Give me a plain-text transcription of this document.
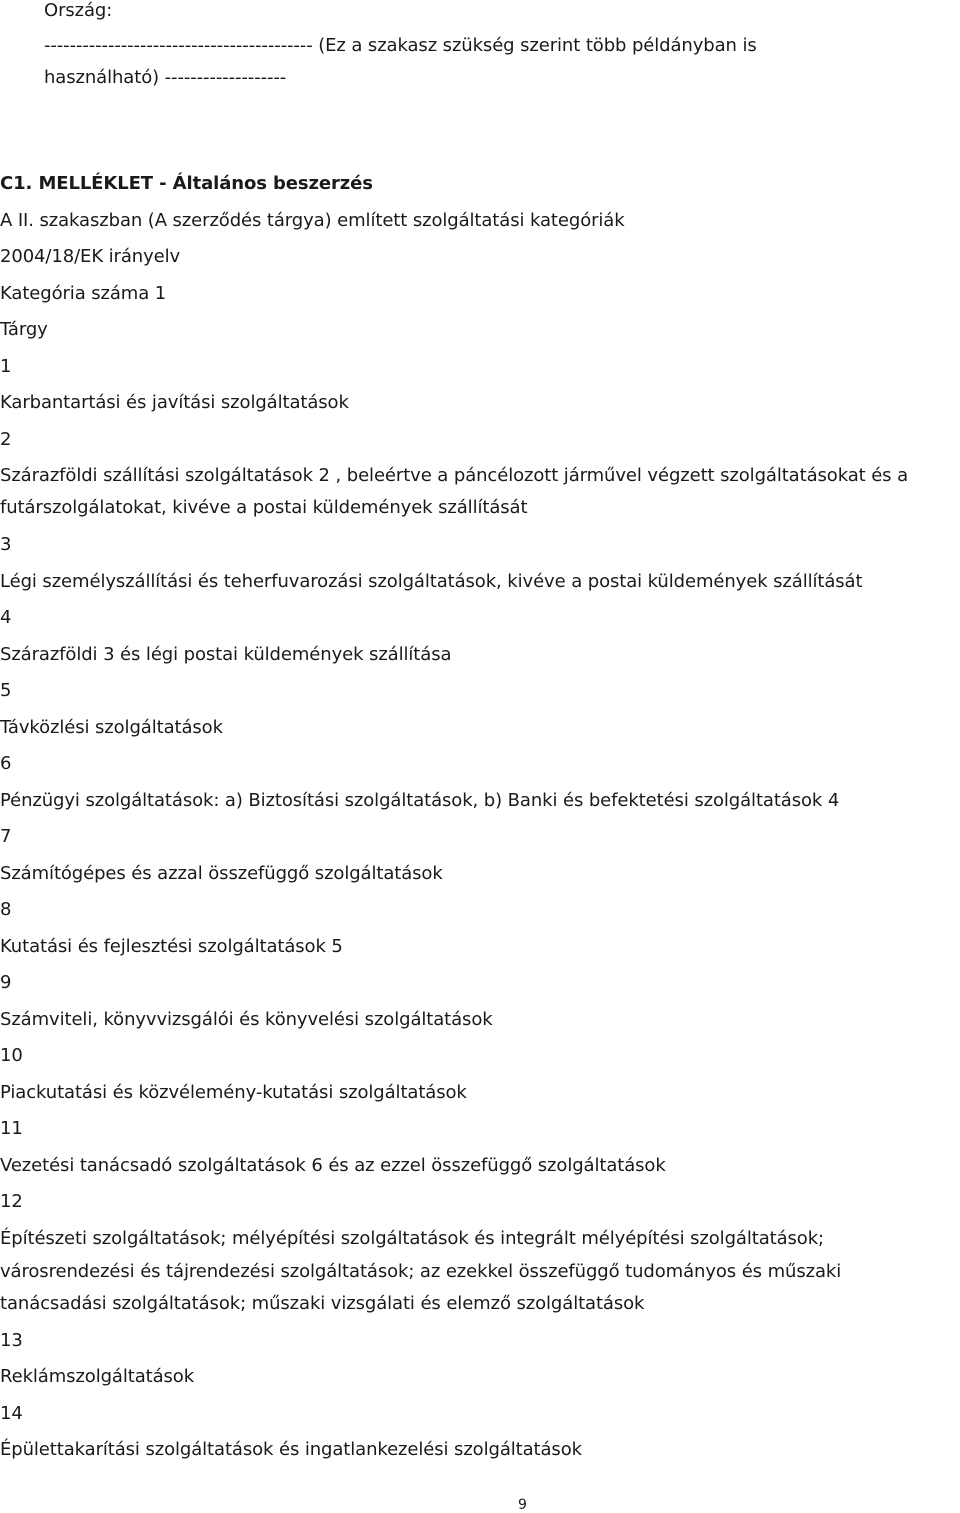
Ország:
------------------------------------------ (Ez a szakasz szükség szerint több példányban is
használható) -------------------
C1. MELLÉKLET - Általános beszerzés
A II. szakaszban (A szerződés tárgya) említett szolgáltatási kategóriák
2004/18/EK irányelv
Kategória száma 1
Tárgy
1
Karbantartási és javítási szolgáltatások
2
Szárazföldi szállítási szolgáltatások 2 , beleértve a páncélozott járművel végzett szolgáltatásokat és a
futárszolgálatokat, kivéve a postai küldemények szállítását
3
Légi személyszállítási és teherfuvarozási szolgáltatások, kivéve a postai küldemények szállítását
4
Szárazföldi 3 és légi postai küldemények szállítása
5
Távközlési szolgáltatások
6
Pénzügyi szolgáltatások: a) Biztosítási szolgáltatások, b) Banki és befektetési szolgáltatások 4
7
Számítógépes és azzal összefüggő szolgáltatások
8
Kutatási és fejlesztési szolgáltatások 5
9
Számviteli, könyvvizsgálói és könyvelési szolgáltatások
10
Piackutatási és közvélemény-kutatási szolgáltatások
11
Vezetési tanácsadó szolgáltatások 6 és az ezzel összefüggő szolgáltatások
12
Építészeti szolgáltatások; mélyépítési szolgáltatások és integrált mélyépítési szolgáltatások;
városrendezési és tájrendezési szolgáltatások; az ezekkel összefüggő tudományos és műszaki
tanácsadási szolgáltatások; műszaki vizsgálati és elemző szolgáltatások
13
Reklámszolgáltatások
14
Épülettakarítási szolgáltatások és ingatlankezelési szolgáltatások
9
